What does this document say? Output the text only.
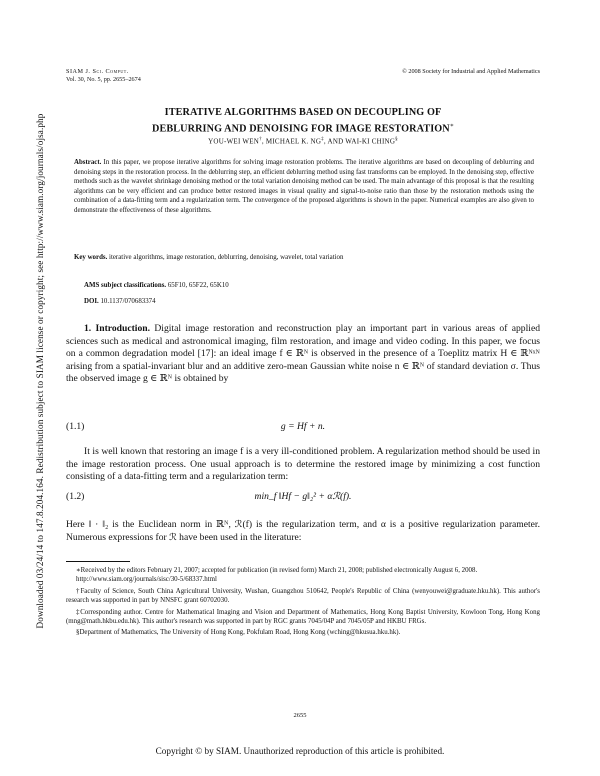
Downloaded 03/24/14 to 147.8.204.164. Redistribution subject to SIAM license or copyright; see http://www.siam.org/journals/ojsa.php
SIAM J. Sci. Comput.
Vol. 30, No. 5, pp. 2655–2674
© 2008 Society for Industrial and Applied Mathematics
ITERATIVE ALGORITHMS BASED ON DECOUPLING OF
DEBLURRING AND DENOISING FOR IMAGE RESTORATION∗
YOU-WEI WEN†, MICHAEL K. NG‡, AND WAI-KI CHING§
Abstract. In this paper, we propose iterative algorithms for solving image restoration problems. The iterative algorithms are based on decoupling of deblurring and denoising steps in the restoration process. In the deblurring step, an efficient deblurring method using fast transforms can be employed. In the denoising step, effective methods such as the wavelet shrinkage denoising method or the total variation denoising method can be used. The main advantage of this proposal is that the resulting algorithms can be very efficient and can produce better restored images in visual quality and signal-to-noise ratio than those by the restoration methods using the combination of a data-fitting term and a regularization term. The convergence of the proposed algorithms is shown in the paper. Numerical examples are also given to demonstrate the effectiveness of these algorithms.
Key words. iterative algorithms, image restoration, deblurring, denoising, wavelet, total variation
AMS subject classifications. 65F10, 65F22, 65K10
DOI. 10.1137/070683374
1. Introduction. Digital image restoration and reconstruction play an important part in various areas of applied sciences such as medical and astronomical imaging, film restoration, and image and video coding. In this paper, we focus on a common degradation model [17]: an ideal image f ∈ ℝᴺ is observed in the presence of a Toeplitz matrix H ∈ ℝᴺˣᴺ arising from a spatial-invariant blur and an additive zero-mean Gaussian white noise n ∈ ℝᴺ of standard deviation σ. Thus the observed image g ∈ ℝᴺ is obtained by
(1.1)	g = Hf + n.
It is well known that restoring an image f is a very ill-conditioned problem. A regularization method should be used in the image restoration process. One usual approach is to determine the restored image by minimizing a cost function consisting of a data-fitting term and a regularization term:
(1.2)	min_f ‖Hf − g‖₂² + αℛ(f).
Here ‖ · ‖₂ is the Euclidean norm in ℝᴺ, ℛ(f) is the regularization term, and α is a positive regularization parameter. Numerous expressions for ℛ have been used in the literature:

∗Received by the editors February 21, 2007; accepted for publication (in revised form) March 21, 2008; published electronically August 6, 2008.

http://www.siam.org/journals/sisc/30-5/68337.html

†Faculty of Science, South China Agricultural University, Wushan, Guangzhou 510642, People's Republic of China (wenyouwei@graduate.hku.hk). This author's research was supported in part by NNSFC grant 60702030.

‡Corresponding author. Centre for Mathematical Imaging and Vision and Department of Mathematics, Hong Kong Baptist University, Kowloon Tong, Hong Kong (mng@math.hkbu.edu.hk). This author's research was supported in part by RGC grants 7045/04P and 7045/05P and HKBU FRGs.

§Department of Mathematics, The University of Hong Kong, Pokfulam Road, Hong Kong (wching@hkusua.hku.hk).

2655
Copyright © by SIAM. Unauthorized reproduction of this article is prohibited.
